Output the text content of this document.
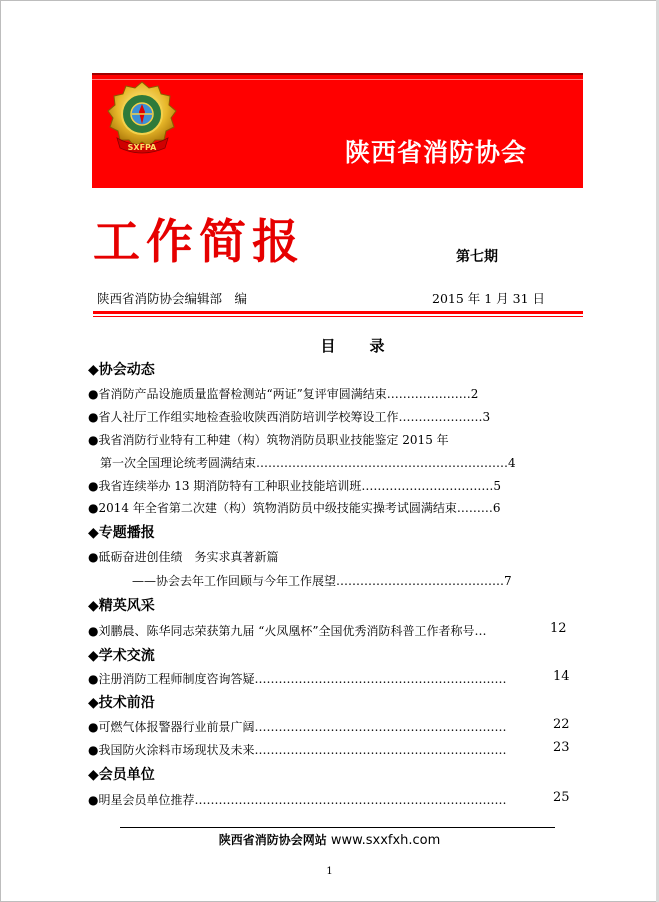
SXFPA	陕西省消防协会
工作简报	第七期
陕西省消防协会编辑部　编	2015 年 1 月 31 日
目录
◆协会动态
●省消防产品设施质量监督检测站“两证”复评审圆满结束…………………2
●省人社厅工作组实地检查验收陕西消防培训学校筹设工作…………………3
●我省消防行业特有工种建（构）筑物消防员职业技能鉴定 2015 年
　第一次全国理论统考圆满结束………………………………………………………4
●我省连续举办 13 期消防特有工种职业技能培训班……………………………5
●2014 年全省第二次建（构）筑物消防员中级技能实操考试圆满结束………6
◆专题播报
●砥砺奋进创佳绩　务实求真著新篇
　　　——协会去年工作回顾与今年工作展望……………………………………7
◆精英风采
●刘鹏晨、陈华同志荣获第九届 “火凤凰杯”全国优秀消防科普工作者称号…	12
◆学术交流
●注册消防工程师制度咨询答疑………………………………………………………	14
◆技术前沿
●可燃气体报警器行业前景广阔………………………………………………………	22
●我国防火涂料市场现状及未来………………………………………………………	23
◆会员单位
●明星会员单位推荐……………………………………………………………………	25
陕西省消防协会网站 www.sxxfxh.com
1
